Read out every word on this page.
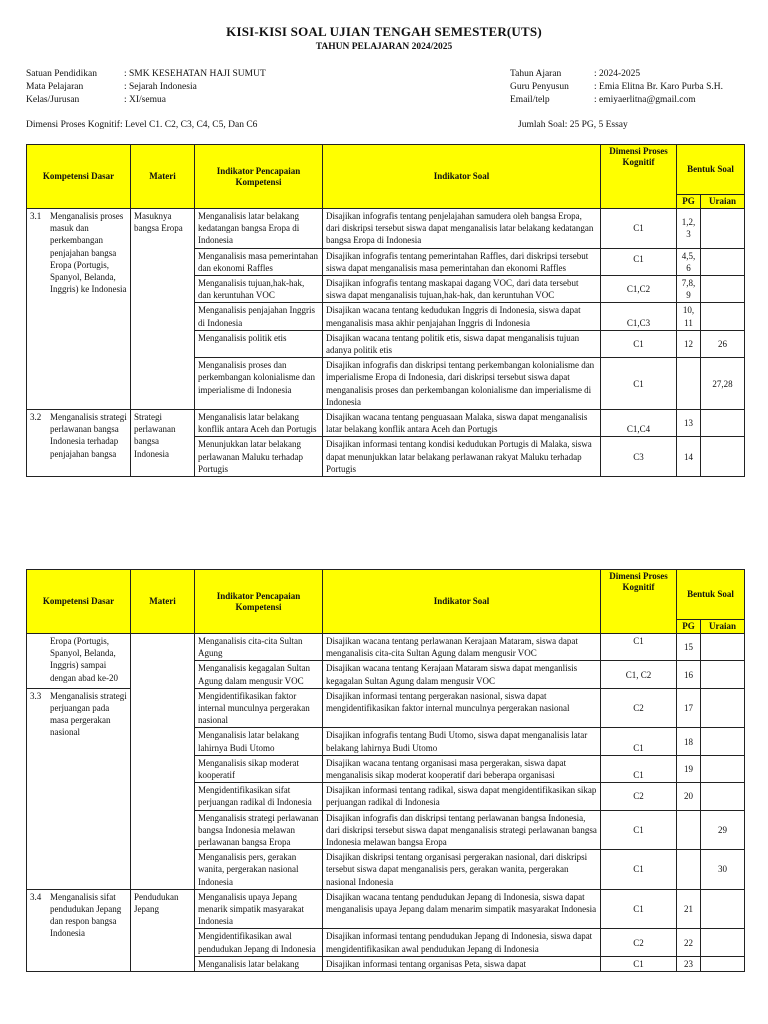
KISI-KISI SOAL UJIAN TENGAH SEMESTER(UTS)
TAHUN PELAJARAN 2024/2025
Satuan Pendidikan	: SMK KESEHATAN HAJI SUMUT
Mata Pelajaran	: Sejarah Indonesia
Kelas/Jurusan	: XI/semua
Tahun Ajaran	: 2024-2025
Guru Penyusun	: Emia Elitna Br. Karo Purba S.H.
Email/telp	: emiyaerlitna@gmail.com
Dimensi Proses Kognitif: Level C1. C2, C3, C4, C5, Dan C6	Jumlah Soal: 25 PG, 5 Essay
Kompetensi Dasar	Materi	Indikator Pencapaian Kompetensi	Indikator Soal	Dimensi Proses Kognitif	Bentuk Soal	
					PG	Uraian

3.1 Menganalisis proses masuk dan perkembangan penjajahan bangsa Eropa (Portugis, Spanyol, Belanda, Inggris) ke Indonesia	Masuknya bangsa Eropa	Menganalisis latar belakang kedatangan bangsa Eropa di Indonesia	Disajikan infografis tentang penjelajahan samudera oleh bangsa Eropa, dari diskripsi tersebut siswa dapat menganalisis latar belakang kedatangan bangsa Eropa di Indonesia	C1	1,2, 3	
		Menganalisis masa pemerintahan dan ekonomi Raffles	Disajikan infografis tentang pemerintahan Raffles, dari diskripsi tersebut siswa dapat menganalisis masa pemerintahan dan ekonomi Raffles	C1	4,5, 6	
		Menganalisis tujuan,hak-hak, dan keruntuhan VOC	Disajikan infografis tentang maskapai dagang VOC, dari data tersebut siswa dapat menganalisis tujuan,hak-hak, dan keruntuhan VOC	C1,C2	7,8, 9	
		Menganalisis penjajahan Inggris di Indonesia	Disajikan wacana tentang kedudukan Inggris di Indonesia, siswa dapat menganalisis masa akhir penjajahan Inggris di Indonesia	C1,C3	10, 11	
		Menganalisis politik etis	Disajikan wacana tentang politik etis, siswa dapat menganalisis tujuan adanya politik etis	C1	12	26
		Menganalisis proses dan perkembangan kolonialisme dan imperialisme di Indonesia	Disajikan infografis dan diskripsi tentang perkembangan kolonialisme dan imperialisme Eropa di Indonesia, dari diskripsi tersebut siswa dapat menganalisis proses dan perkembangan kolonialisme dan imperialisme di Indonesia	C1		27,28

3.2 Menganalisis strategi perlawanan bangsa Indonesia terhadap penjajahan bangsa	Strategi perlawanan bangsa Indonesia	Menganalisis latar belakang konflik antara Aceh dan Portugis	Disajikan wacana tentang penguasaan Malaka, siswa dapat menganalisis latar belakang konflik antara Aceh dan Portugis	C1,C4	13	
		Menunjukkan latar belakang perlawanan Maluku terhadap Portugis	Disajikan informasi tentang kondisi kedudukan Portugis di Malaka, siswa dapat menunjukkan latar belakang perlawanan rakyat Maluku terhadap Portugis	C3	14	
Kompetensi Dasar	Materi	Indikator Pencapaian Kompetensi	Indikator Soal	Dimensi Proses Kognitif	Bentuk Soal	
					PG	Uraian

Eropa (Portugis, Spanyol, Belanda, Inggris) sampai dengan abad ke-20		Menganalisis cita-cita Sultan Agung	Disajikan wacana tentang perlawanan Kerajaan Mataram, siswa dapat menganalisis cita-cita Sultan Agung dalam mengusir VOC	C1	15	
		Menganalisis kegagalan Sultan Agung dalam mengusir VOC	Disajikan wacana tentang Kerajaan Mataram siswa dapat menganlisis kegagalan Sultan Agung dalam mengusir VOC	C1, C2	16	

3.3 Menganalisis strategi perjuangan pada masa pergerakan nasional		Mengidentifikasikan faktor internal munculnya pergerakan nasional	Disajikan informasi tentang pergerakan nasional, siswa dapat mengidentifikasikan faktor internal munculnya pergerakan nasional	C2	17	
		Menganalisis latar belakang lahirnya Budi Utomo	Disajikan infografis tentang Budi Utomo, siswa dapat menganalisis latar belakang lahirnya Budi Utomo	C1	18	
		Menganalisis sikap moderat kooperatif	Disajikan wacana tentang organisasi masa pergerakan, siswa dapat menganalisis sikap moderat kooperatif dari beberapa organisasi	C1	19	
		Mengidentifikasikan sifat perjuangan radikal di Indonesia	Disajikan informasi tentang radikal, siswa dapat mengidentifikasikan sikap perjuangan radikal di Indonesia	C2	20	
		Menganalisis strategi perlawanan bangsa Indonesia melawan perlawanan bangsa Eropa	Disajikan infografis dan diskripsi tentang perlawanan bangsa Indonesia, dari diskripsi tersebut siswa dapat menganalisis strategi perlawanan bangsa Indonesia melawan bangsa Eropa	C1		29
		Menganalisis pers, gerakan wanita, pergerakan nasional Indonesia	Disajikan diskripsi tentang organisasi pergerakan nasional, dari diskripsi tersebut siswa dapat menganalisis pers, gerakan wanita, pergerakan nasional Indonesia	C1		30

3.4 Menganalisis sifat pendudukan Jepang dan respon bangsa Indonesia	Pendudukan Jepang	Menganalisis upaya Jepang menarik simpatik masyarakat Indonesia	Disajikan wacana tentang pendudukan Jepang di Indonesia, siswa dapat menganalisis upaya Jepang dalam menarim simpatik masyarakat Indonesia	C1	21	
		Mengidentifikasikan awal pendudukan Jepang di Indonesia	Disajikan informasi tentang pendudukan Jepang di Indonesia, siswa dapat mengidentifikasikan awal pendudukan Jepang di Indonesia	C2	22	
		Menganalisis latar belakang	Disajikan informasi tentang organisas Peta, siswa dapat	C1	23	
